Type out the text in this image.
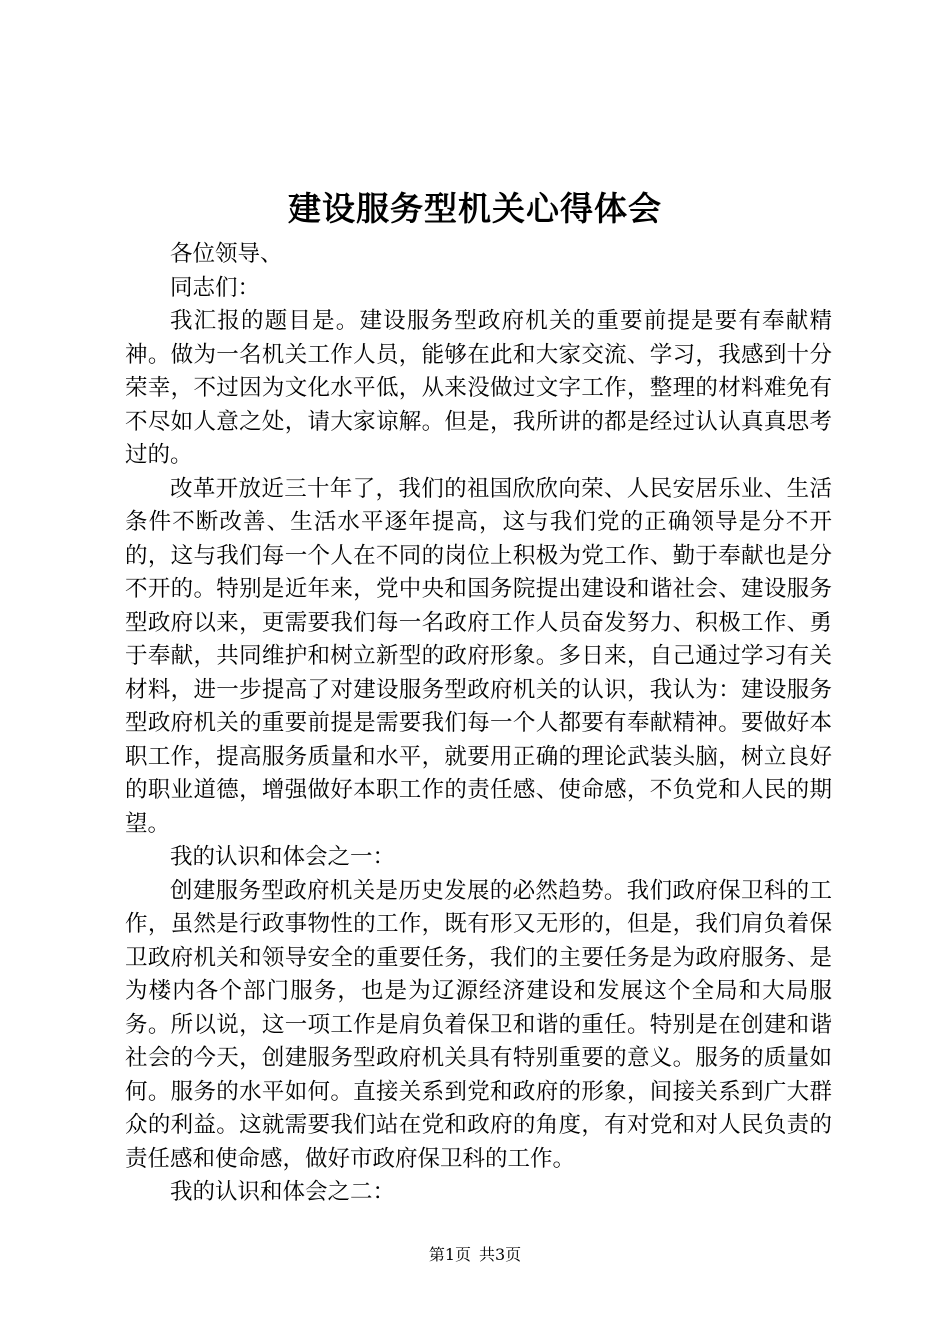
建设服务型机关心得体会

各位领导、

同志们：

我汇报的题目是。建设服务型政府机关的重要前提是要有奉献精神。做为一名机关工作人员，能够在此和大家交流、学习，我感到十分荣幸，不过因为文化水平低，从来没做过文字工作，整理的材料难免有不尽如人意之处，请大家谅解。但是，我所讲的都是经过认认真真思考过的。

改革开放近三十年了，我们的祖国欣欣向荣、人民安居乐业、生活条件不断改善、生活水平逐年提高，这与我们党的正确领导是分不开的，这与我们每一个人在不同的岗位上积极为党工作、勤于奉献也是分不开的。特别是近年来，党中央和国务院提出建设和谐社会、建设服务型政府以来，更需要我们每一名政府工作人员奋发努力、积极工作、勇于奉献，共同维护和树立新型的政府形象。多日来，自己通过学习有关材料，进一步提高了对建设服务型政府机关的认识，我认为：建设服务型政府机关的重要前提是需要我们每一个人都要有奉献精神。要做好本职工作，提高服务质量和水平，就要用正确的理论武装头脑，树立良好的职业道德，增强做好本职工作的责任感、使命感，不负党和人民的期望。

我的认识和体会之一：

创建服务型政府机关是历史发展的必然趋势。我们政府保卫科的工作，虽然是行政事物性的工作，既有形又无形的，但是，我们肩负着保卫政府机关和领导安全的重要任务，我们的主要任务是为政府服务、是为楼内各个部门服务，也是为辽源经济建设和发展这个全局和大局服务。所以说，这一项工作是肩负着保卫和谐的重任。特别是在创建和谐社会的今天，创建服务型政府机关具有特别重要的意义。服务的质量如何。服务的水平如何。直接关系到党和政府的形象，间接关系到广大群众的利益。这就需要我们站在党和政府的角度，有对党和对人民负责的责任感和使命感，做好市政府保卫科的工作。

我的认识和体会之二：

第1页 共3页
